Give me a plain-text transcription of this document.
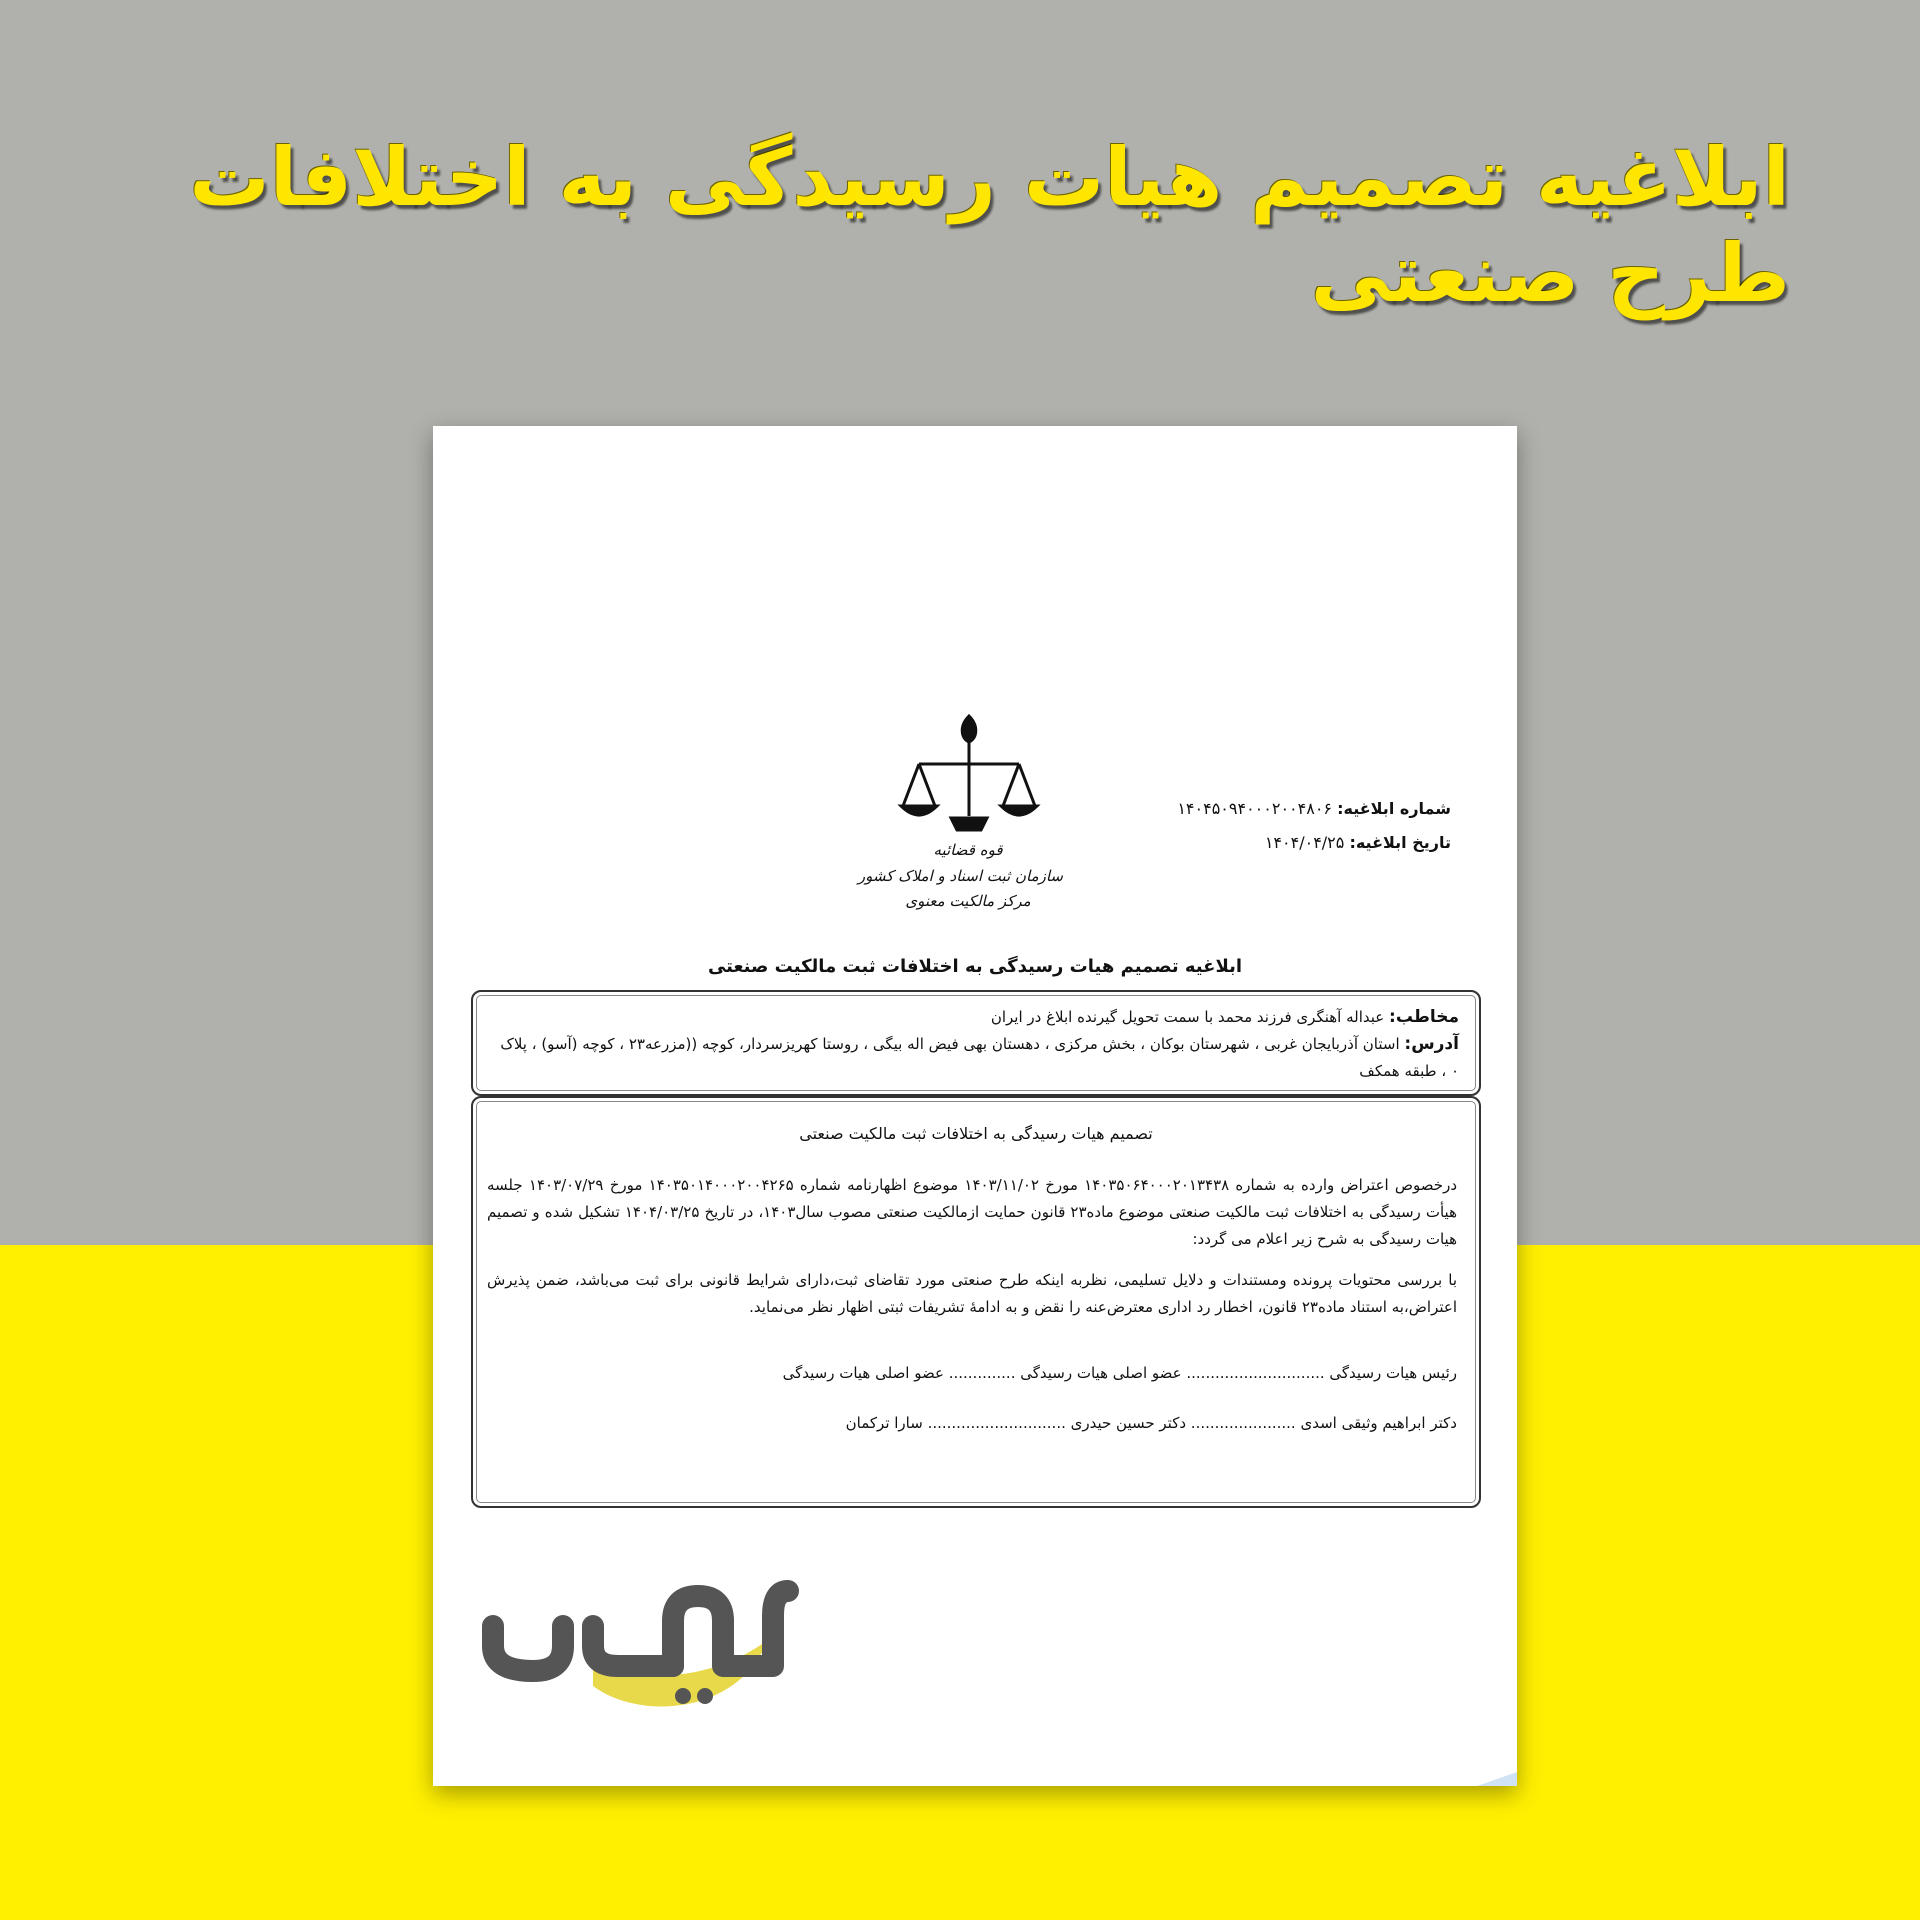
ابلاغیه تصمیم هیات رسیدگی به اختلافات طرح صنعتی
قوه قضائیه
سازمان ثبت اسناد و املاک کشور
مرکز مالکیت معنوی
شماره ابلاغیه: ۱۴۰۴۵۰۹۴۰۰۰۲۰۰۴۸۰۶
تاریخ ابلاغیه: ۱۴۰۴/۰۴/۲۵
ابلاغیه تصمیم هیات رسیدگی به اختلافات ثبت مالکیت صنعتی
مخاطب: عبداله آهنگری فرزند محمد با سمت تحویل گیرنده ابلاغ در ایران
آدرس: استان آذربایجان غربی ، شهرستان بوکان ، بخش مرکزی ، دهستان بهی فیض اله بیگی ، روستا کهریزسردار، کوچه ((مزرعه۲۳ ، کوچه (آسو) ، پلاک ۰ ، طبقه همکف
تصمیم هیات رسیدگی به اختلافات ثبت مالکیت صنعتی

درخصوص اعتراض وارده به شماره ۱۴۰۳۵۰۶۴۰۰۰۲۰۱۳۴۳۸ مورخ ۱۴۰۳/۱۱/۰۲ موضوع اظهارنامه شماره ۱۴۰۳۵۰۱۴۰۰۰۲۰۰۴۲۶۵ مورخ ۱۴۰۳/۰۷/۲۹ جلسه هیأت رسیدگی به اختلافات ثبت مالکیت صنعتی موضوع ماده۲۳ قانون حمایت ازمالکیت صنعتی مصوب سال۱۴۰۳، در تاریخ ۱۴۰۴/۰۳/۲۵ تشکیل شده و تصمیم هیات رسیدگی به شرح زیر اعلام می گردد:

با بررسی محتویات پرونده ومستندات و دلایل تسلیمی، نظربه اینکه طرح صنعتی مورد تقاضای ثبت،دارای شرایط قانونی برای ثبت می‌باشد، ضمن پذیرش اعتراض،به استناد ماده۲۳ قانون، اخطار رد اداری معترض‌عنه را نقض و به ادامهٔ تشریفات ثبتی اظهار نظر می‌نماید.

رئیس هیات رسیدگی ............................. عضو اصلی هیات رسیدگی .............. عضو اصلی هیات رسیدگی
دکتر ابراهیم وثیقی اسدی ...................... دکتر حسین حیدری ............................. سارا ترکمان
